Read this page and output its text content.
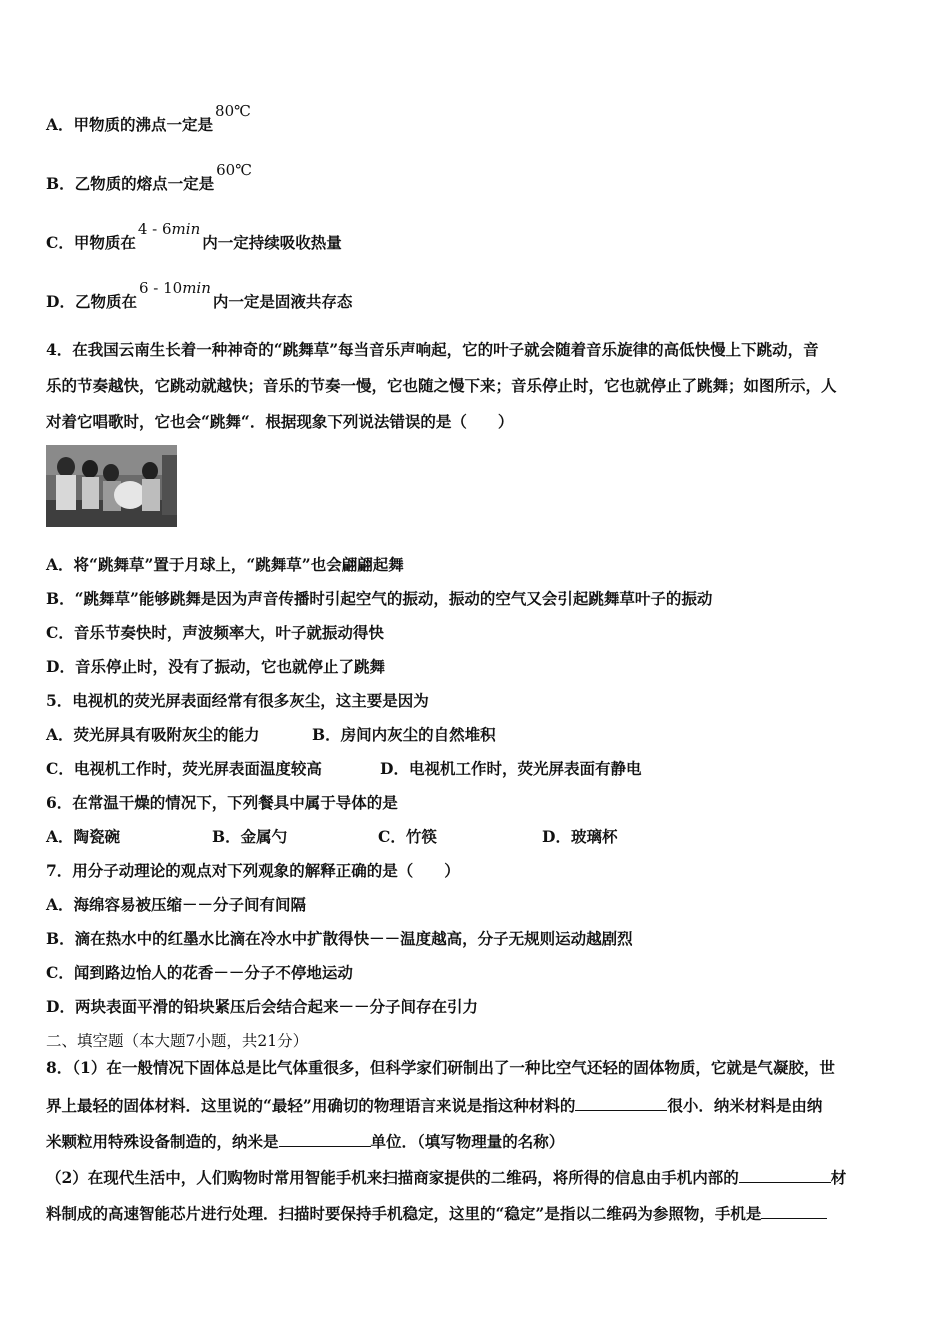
A．甲物质的沸点一定是80℃
B．乙物质的熔点一定是60℃
C．甲物质在4 - 6min内一定持续吸收热量
D．乙物质在6 - 10min内一定是固液共存态
4．在我国云南生长着一种神奇的“跳舞草”每当音乐声响起，它的叶子就会随着音乐旋律的高低快慢上下跳动，音
乐的节奏越快，它跳动就越快；音乐的节奏一慢，它也随之慢下来；音乐停止时，它也就停止了跳舞；如图所示，人
对着它唱歌时，它也会“跳舞“．根据现象下列说法错误的是（　　）
A．将“跳舞草”置于月球上，“跳舞草”也会翩翩起舞
B．“跳舞草”能够跳舞是因为声音传播时引起空气的振动，振动的空气又会引起跳舞草叶子的振动
C．音乐节奏快时，声波频率大，叶子就振动得快
D．音乐停止时，没有了振动，它也就停止了跳舞
5．电视机的荧光屏表面经常有很多灰尘，这主要是因为
A．荧光屏具有吸附灰尘的能力	B．房间内灰尘的自然堆积
C．电视机工作时，荧光屏表面温度较高	D．电视机工作时，荧光屏表面有静电
6．在常温干燥的情况下，下列餐具中属于导体的是
A．陶瓷碗	B．金属勺	C．竹筷	D．玻璃杯
7．用分子动理论的观点对下列观象的解释正确的是（　　）
A．海绵容易被压缩－－分子间有间隔
B．滴在热水中的红墨水比滴在冷水中扩散得快－－温度越高，分子无规则运动越剧烈
C．闻到路边怡人的花香－－分子不停地运动
D．两块表面平滑的铅块紧压后会结合起来－－分子间存在引力
二、填空题（本大题7小题，共21分）
8．（1）在一般情况下固体总是比气体重很多，但科学家们研制出了一种比空气还轻的固体物质，它就是气凝胶，世
界上最轻的固体材料．这里说的“最轻”用确切的物理语言来说是指这种材料的	很小．纳米材料是由纳
米颗粒用特殊设备制造的，纳米是	单位．（填写物理量的名称）
（2）在现代生活中，人们购物时常用智能手机来扫描商家提供的二维码，将所得的信息由手机内部的	材
料制成的高速智能芯片进行处理．扫描时要保持手机稳定，这里的“稳定”是指以二维码为参照物，手机是
